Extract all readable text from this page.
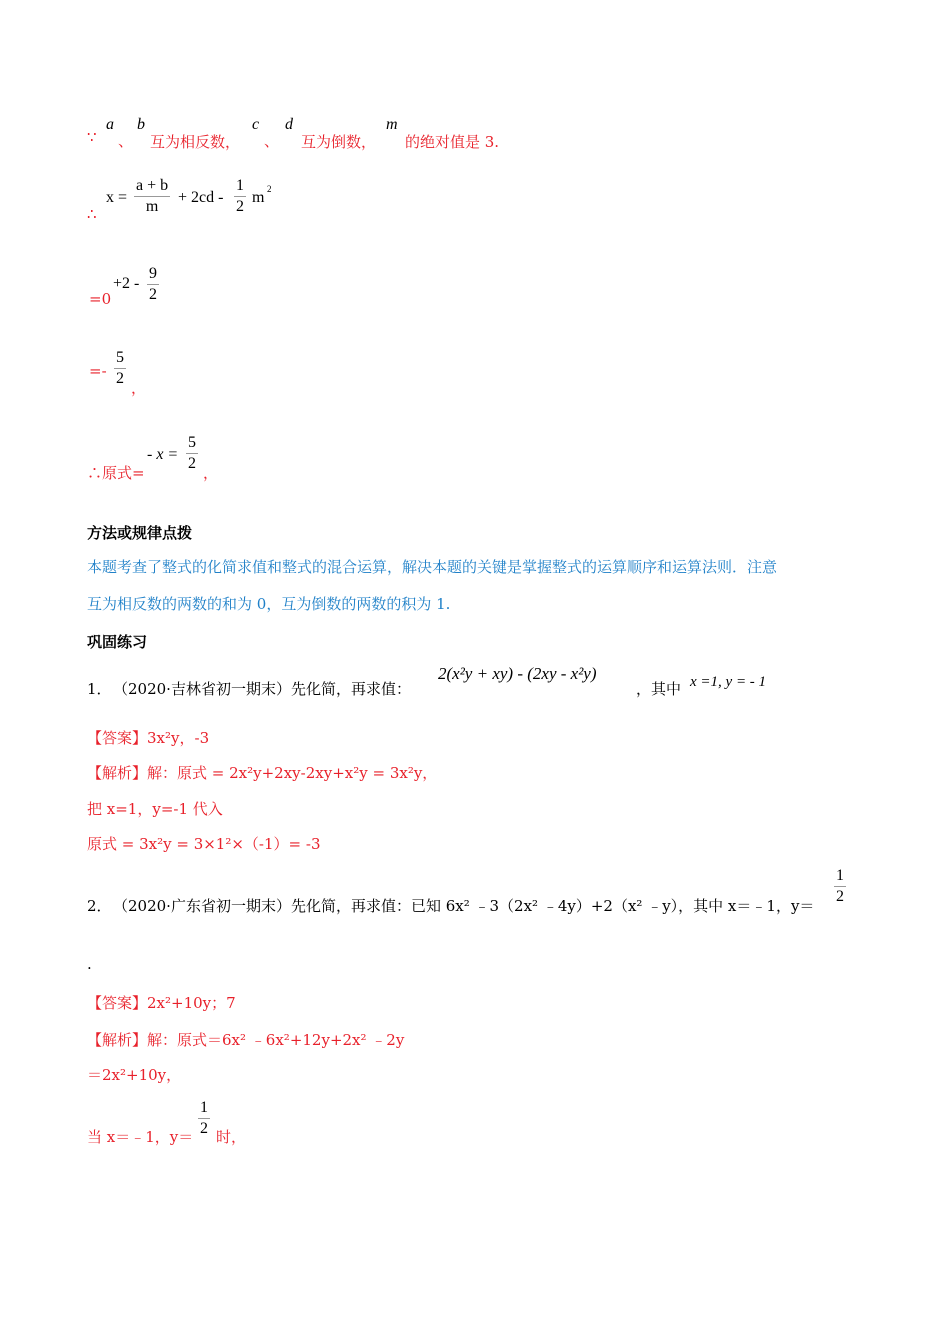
∵
a
、
b
互为相反数，
c
、
d
互为倒数，
m
的绝对值是 3.
∴
$x = \frac{a + b}{m} + 2cd - \frac{1}{2}$ m 2
=0
$+2 - \frac{9}{2}$
=- $\frac{5}{2}$ ，
∴原式=
- $x = \frac{5}{2}$ ，
方法或规律点拨
本题考查了整式的化简求值和整式的混合运算，解决本题的关键是掌握整式的运算顺序和运算法则．注意
互为相反数的两数的和为 0，互为倒数的两数的积为 1.
巩固练习
1． （2020·吉林省初一期末）先化简，再求值：
2(x²y + xy) - (2xy - x²y)
，其中 x =1, y = - 1
【答案】3x²y，-3
【解析】解：原式 = 2x²y+2xy-2xy+x²y = 3x²y，
把 x=1，y=-1 代入
原式 = 3x²y = 3×1²×（-1）= -3
2． （2020·广东省初一期末）先化简，再求值：已知 6x² ﹣3（2x² ﹣4y）+2（x² ﹣y），其中 x＝﹣1，$y= \frac{1}{2}$
.
【答案】2x²+10y；7
【解析】解：原式＝6x² ﹣6x²+12y+2x² ﹣2y
＝2x²+10y，
当 x＝﹣1，$y= \frac{1}{2}$ 时，
